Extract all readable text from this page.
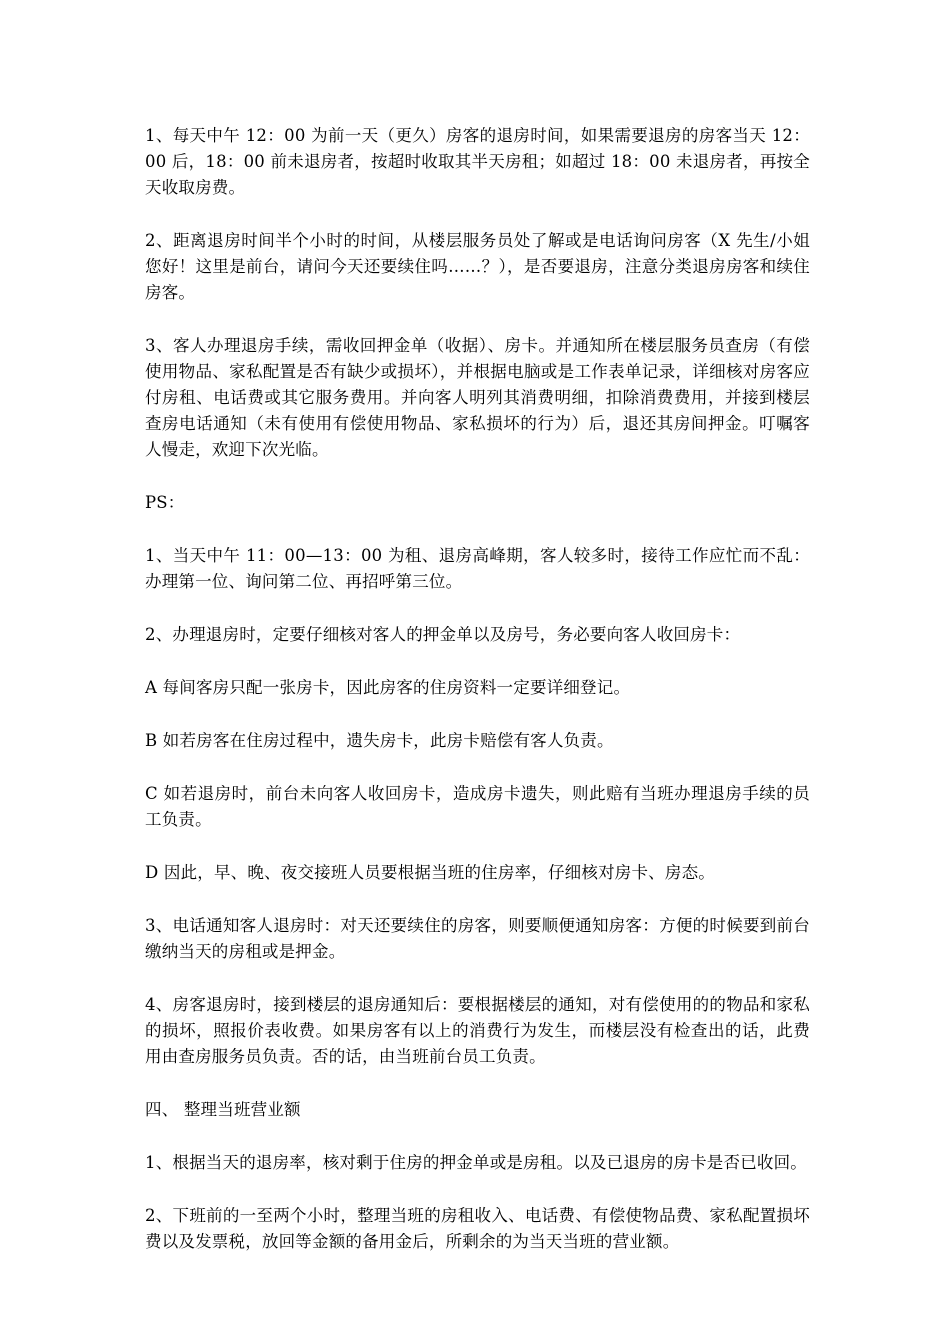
1、每天中午 12：00 为前一天（更久）房客的退房时间，如果需要退房的房客当天 12：00 后，18：00 前未退房者，按超时收取其半天房租；如超过 18：00 未退房者，再按全天收取房费。

2、距离退房时间半个小时的时间，从楼层服务员处了解或是电话询问房客（X 先生/小姐您好！这里是前台，请问今天还要续住吗……？），是否要退房，注意分类退房房客和续住房客。

3、客人办理退房手续，需收回押金单（收据）、房卡。并通知所在楼层服务员查房（有偿使用物品、家私配置是否有缺少或损坏），并根据电脑或是工作表单记录，详细核对房客应付房租、电话费或其它服务费用。并向客人明列其消费明细，扣除消费费用，并接到楼层查房电话通知（未有使用有偿使用物品、家私损坏的行为）后，退还其房间押金。叮嘱客人慢走，欢迎下次光临。

PS：

1、当天中午 11：00—13：00 为租、退房高峰期，客人较多时，接待工作应忙而不乱：办理第一位、询问第二位、再招呼第三位。

2、办理退房时，定要仔细核对客人的押金单以及房号，务必要向客人收回房卡：

A 每间客房只配一张房卡，因此房客的住房资料一定要详细登记。

B 如若房客在住房过程中，遗失房卡，此房卡赔偿有客人负责。

C 如若退房时，前台未向客人收回房卡，造成房卡遗失，则此赔有当班办理退房手续的员工负责。

D 因此，早、晚、夜交接班人员要根据当班的住房率，仔细核对房卡、房态。

3、电话通知客人退房时：对天还要续住的房客，则要顺便通知房客：方便的时候要到前台缴纳当天的房租或是押金。

4、房客退房时，接到楼层的退房通知后：要根据楼层的通知，对有偿使用的的物品和家私的损坏，照报价表收费。如果房客有以上的消费行为发生，而楼层没有检查出的话，此费用由查房服务员负责。否的话，由当班前台员工负责。

四、 整理当班营业额

1、根据当天的退房率，核对剩于住房的押金单或是房租。以及已退房的房卡是否已收回。

2、下班前的一至两个小时，整理当班的房租收入、电话费、有偿使物品费、家私配置损坏费以及发票税，放回等金额的备用金后，所剩余的为当天当班的营业额。
